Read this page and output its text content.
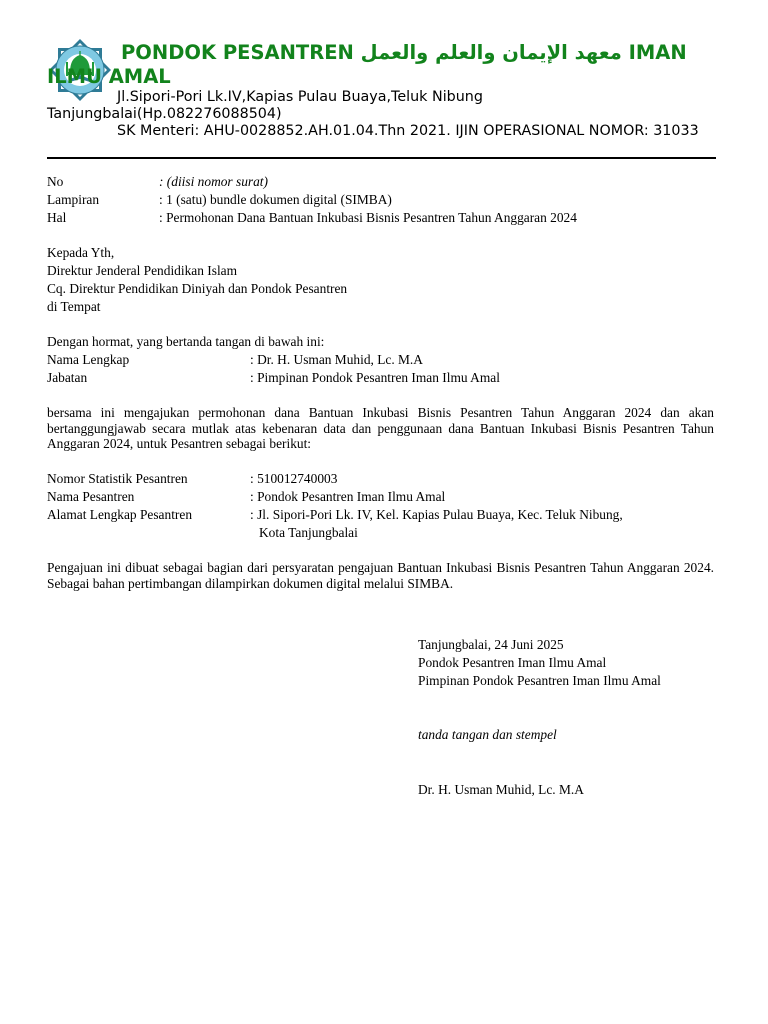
PONDOK PESANTREN معهد الإيمان والعلم والعمل IMAN ILMU AMAL

Jl.Sipori-Pori Lk.IV,Kapias Pulau Buaya,Teluk Nibung Tanjungbalai(Hp.082276088504)

SK Menteri: AHU-0028852.AH.01.04.Thn 2021. IJIN OPERASIONAL NOMOR: 31033

No	: (diisi nomor surat)
Lampiran	: 1 (satu) bundle dokumen digital (SIMBA)
Hal	: Permohonan Dana Bantuan Inkubasi Bisnis Pesantren Tahun Anggaran 2024
Kepada Yth,
Direktur Jenderal Pendidikan Islam
Cq. Direktur Pendidikan Diniyah dan Pondok Pesantren
di Tempat
Dengan hormat, yang bertanda tangan di bawah ini:
Nama Lengkap	: Dr. H. Usman Muhid, Lc. M.A
Jabatan	: Pimpinan Pondok Pesantren Iman Ilmu Amal
bersama ini mengajukan permohonan dana Bantuan Inkubasi Bisnis Pesantren Tahun Anggaran 2024 dan akan bertanggungjawab secara mutlak atas kebenaran data dan penggunaan dana Bantuan Inkubasi Bisnis Pesantren Tahun Anggaran 2024, untuk Pesantren sebagai berikut:
Nomor Statistik Pesantren	: 510012740003
Nama Pesantren	: Pondok Pesantren Iman Ilmu Amal
Alamat Lengkap Pesantren	: Jl. Sipori-Pori Lk. IV, Kel. Kapias Pulau Buaya, Kec. Teluk Nibung,
Kota Tanjungbalai
Pengajuan ini dibuat sebagai bagian dari persyaratan pengajuan Bantuan Inkubasi Bisnis Pesantren Tahun Anggaran 2024. Sebagai bahan pertimbangan dilampirkan dokumen digital melalui SIMBA.
Tanjungbalai, 24 Juni 2025
Pondok Pesantren Iman Ilmu Amal
Pimpinan Pondok Pesantren Iman Ilmu Amal
tanda tangan dan stempel
Dr. H. Usman Muhid, Lc. M.A
